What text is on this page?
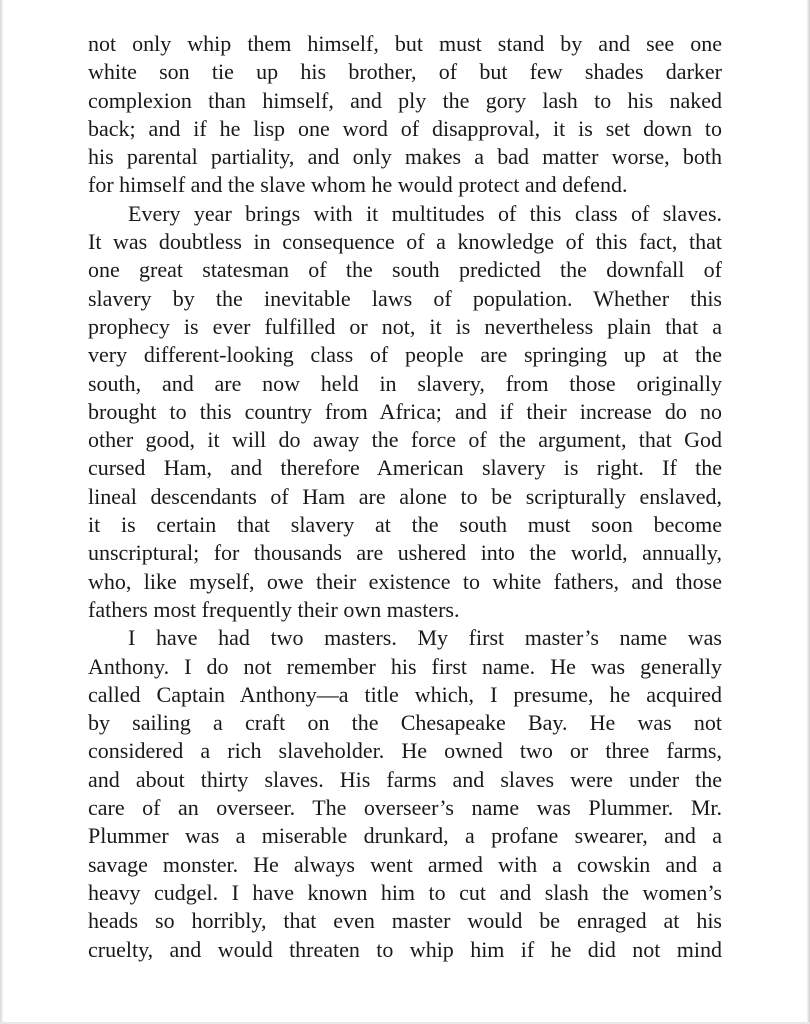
not only whip them himself, but must stand by and see one
white son tie up his brother, of but few shades darker
complexion than himself, and ply the gory lash to his naked
back; and if he lisp one word of disapproval, it is set down to
his parental partiality, and only makes a bad matter worse, both
for himself and the slave whom he would protect and defend.
Every year brings with it multitudes of this class of slaves.
It was doubtless in consequence of a knowledge of this fact, that
one great statesman of the south predicted the downfall of
slavery by the inevitable laws of population. Whether this
prophecy is ever fulfilled or not, it is nevertheless plain that a
very different-looking class of people are springing up at the
south, and are now held in slavery, from those originally
brought to this country from Africa; and if their increase do no
other good, it will do away the force of the argument, that God
cursed Ham, and therefore American slavery is right. If the
lineal descendants of Ham are alone to be scripturally enslaved,
it is certain that slavery at the south must soon become
unscriptural; for thousands are ushered into the world, annually,
who, like myself, owe their existence to white fathers, and those
fathers most frequently their own masters.
I have had two masters. My first master’s name was
Anthony. I do not remember his first name. He was generally
called Captain Anthony—a title which, I presume, he acquired
by sailing a craft on the Chesapeake Bay. He was not
considered a rich slaveholder. He owned two or three farms,
and about thirty slaves. His farms and slaves were under the
care of an overseer. The overseer’s name was Plummer. Mr.
Plummer was a miserable drunkard, a profane swearer, and a
savage monster. He always went armed with a cowskin and a
heavy cudgel. I have known him to cut and slash the women’s
heads so horribly, that even master would be enraged at his
cruelty, and would threaten to whip him if he did not mind
